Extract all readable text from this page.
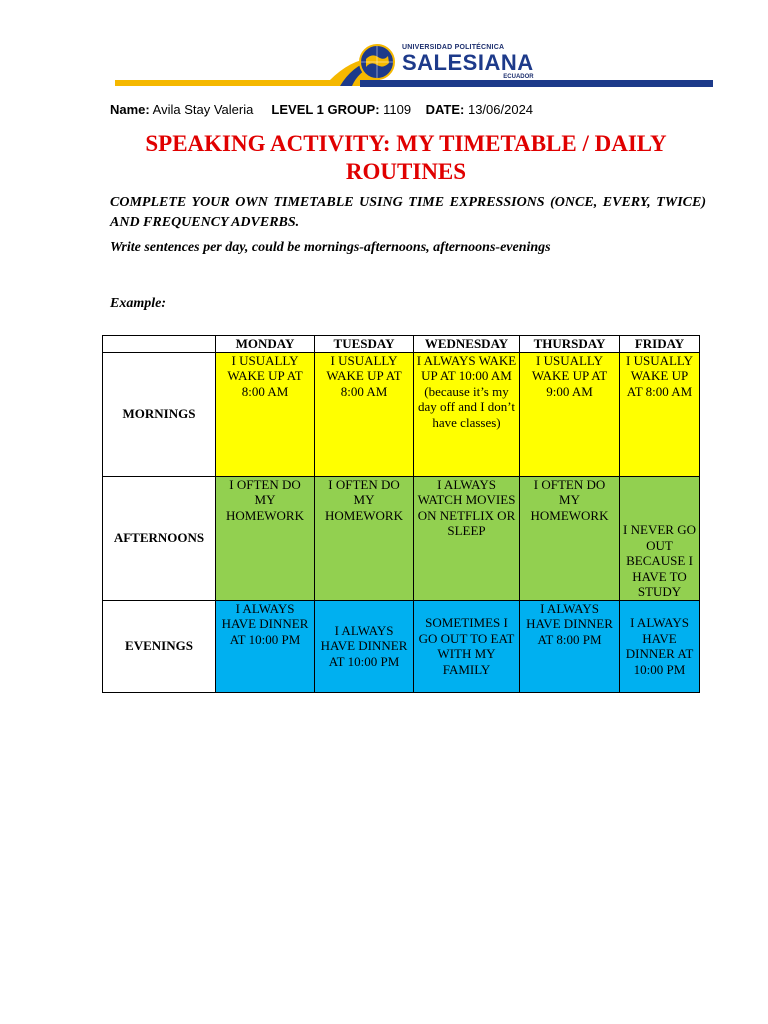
UNIVERSIDAD POLITÉCNICA
SALESIANA
ECUADOR
Name: Avila Stay Valeria LEVEL 1 GROUP: 1109 DATE: 13/06/2024
SPEAKING ACTIVITY: MY TIMETABLE / DAILY ROUTINES
COMPLETE YOUR OWN TIMETABLE USING TIME EXPRESSIONS (ONCE, EVERY, TWICE) AND FREQUENCY ADVERBS.
Write sentences per day, could be mornings-afternoons, afternoons-evenings
Example:
	MONDAY	TUESDAY	WEDNESDAY	THURSDAY	FRIDAY
MORNINGS	I USUALLY WAKE UP AT 8:00 AM	I USUALLY WAKE UP AT 8:00 AM	I ALWAYS WAKE UP AT 10:00 AM
(because it’s my day off and I don’t have classes)	I USUALLY WAKE UP AT 9:00 AM	I USUALLY WAKE UP AT 8:00 AM
AFTERNOONS	I OFTEN DO MY HOMEWORK	I OFTEN DO MY HOMEWORK	I ALWAYS WATCH MOVIES ON NETFLIX OR SLEEP	I OFTEN DO MY HOMEWORK	I NEVER GO OUT BECAUSE I HAVE TO STUDY
EVENINGS	I ALWAYS HAVE DINNER AT 10:00 PM	I ALWAYS HAVE DINNER AT 10:00 PM	SOMETIMES I GO OUT TO EAT WITH MY FAMILY	I ALWAYS HAVE DINNER AT 8:00 PM	I ALWAYS HAVE DINNER AT 10:00 PM
